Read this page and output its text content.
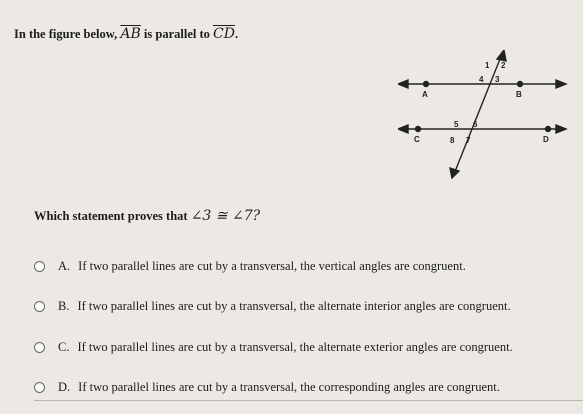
In the figure below, $\overline{AB}$ is parallel to $\overline{CD}$.
1 2
4 3
5 6
8 7
A	B
C	D
Which statement proves that ∠3 ≅ ∠7?
A. If two parallel lines are cut by a transversal, the vertical angles are congruent.
B. If two parallel lines are cut by a transversal, the alternate interior angles are congruent.
C. If two parallel lines are cut by a transversal, the alternate exterior angles are congruent.
D. If two parallel lines are cut by a transversal, the corresponding angles are congruent.
